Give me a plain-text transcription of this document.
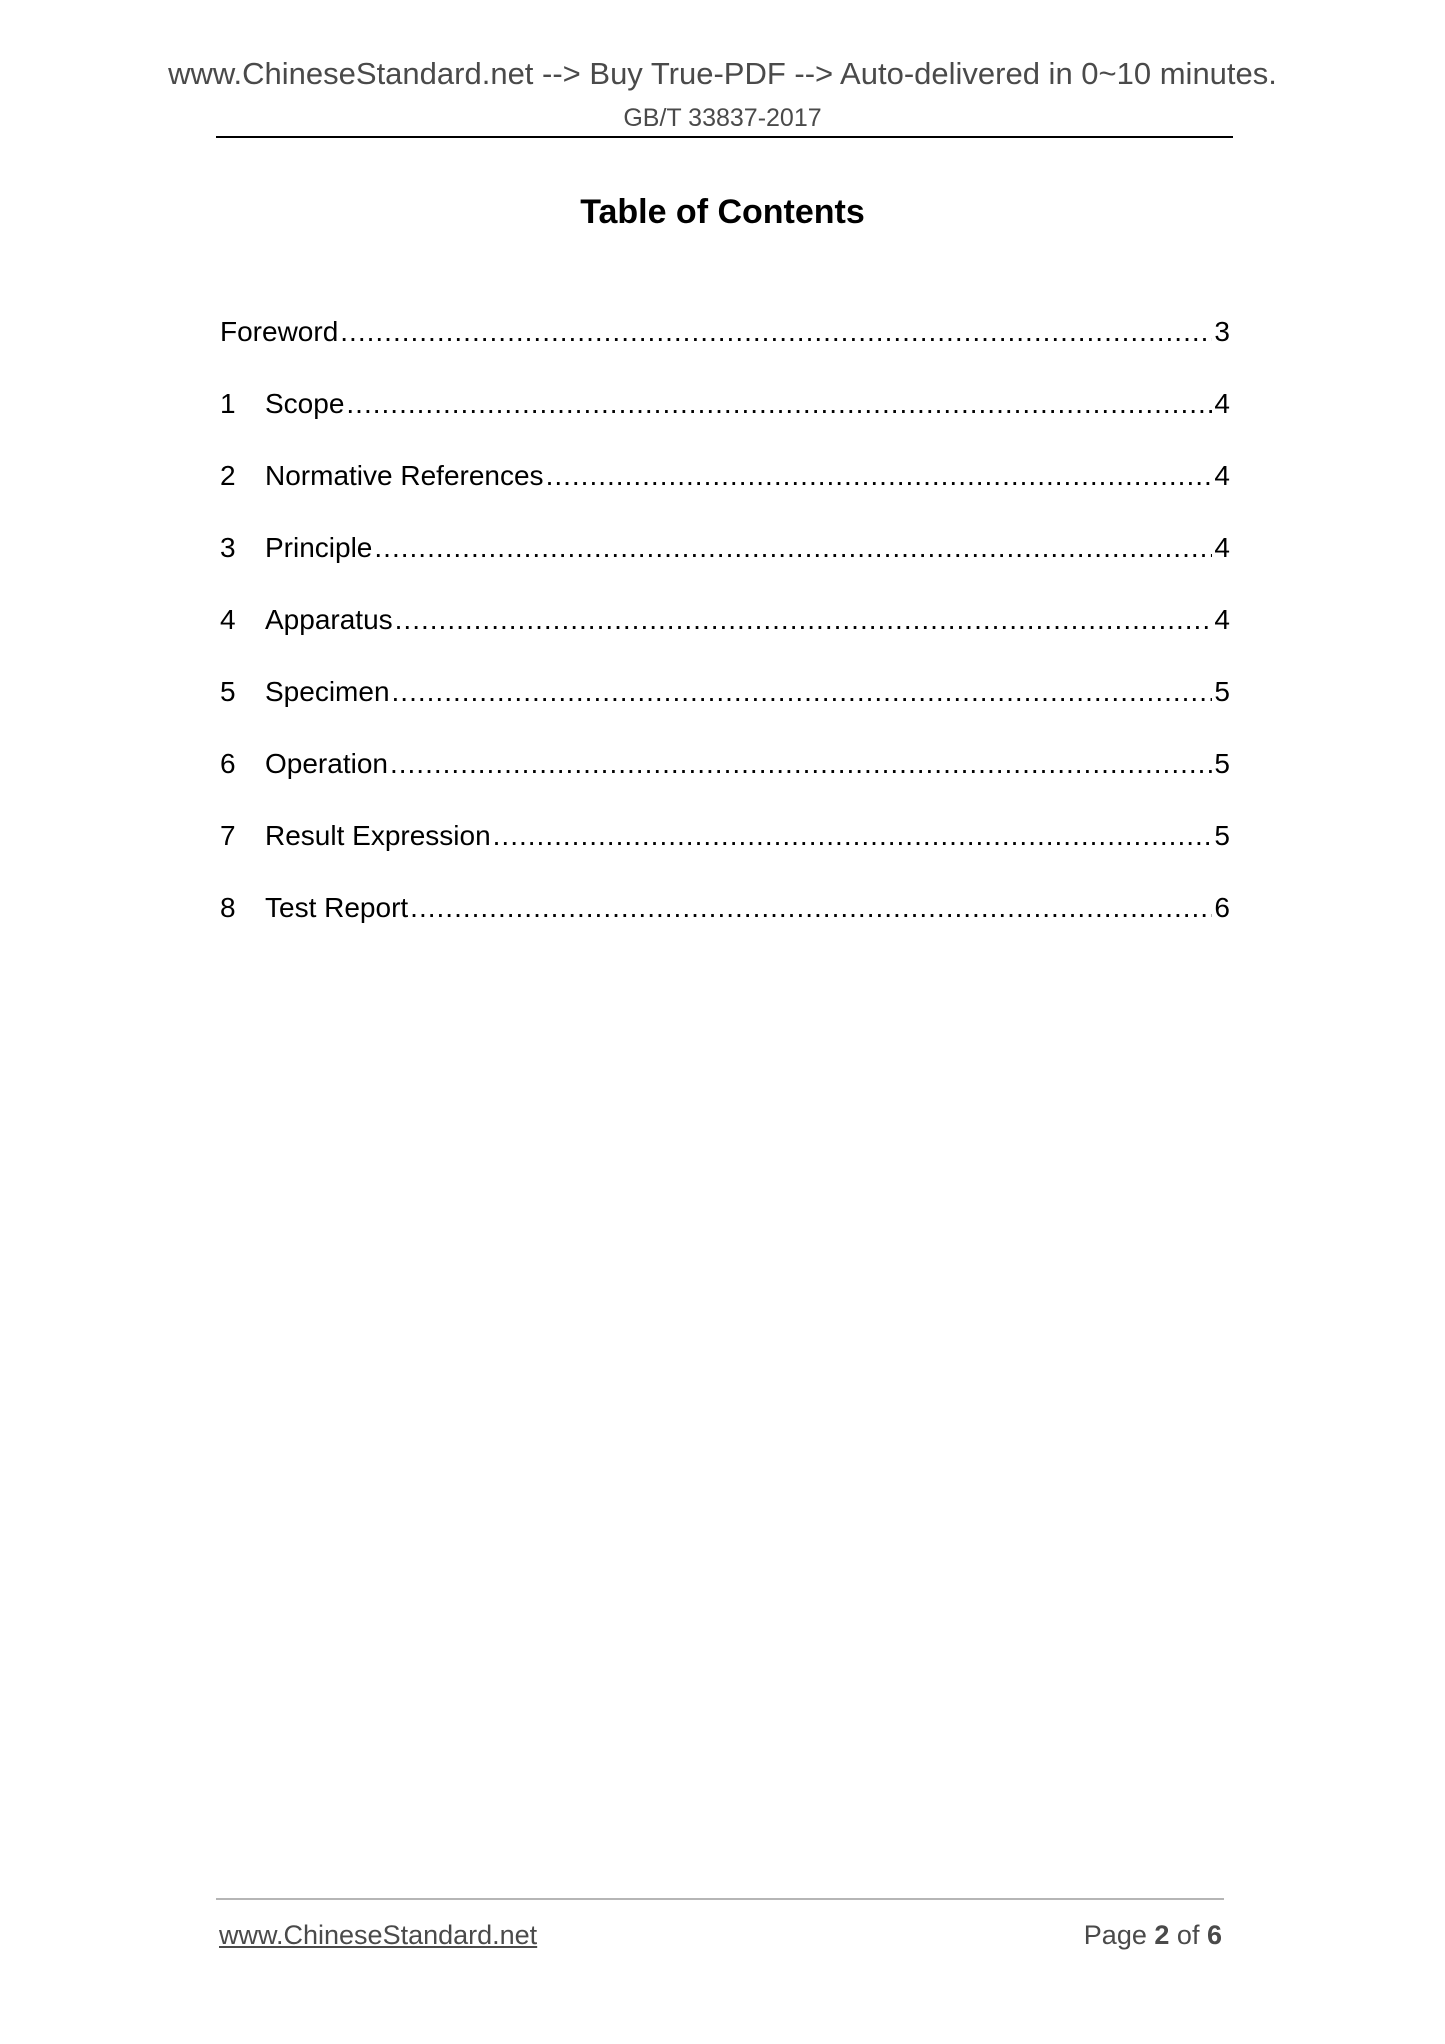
www.ChineseStandard.net --> Buy True-PDF --> Auto-delivered in 0~10 minutes.
GB/T 33837-2017
Table of Contents
Foreword .....	3
1	Scope .....	4
2	Normative References .....	4
3	Principle .....	4
4	Apparatus .....	4
5	Specimen .....	5
6	Operation .....	5
7	Result Expression .....	5
8	Test Report .....	6
www.ChineseStandard.net	Page 2 of 6
